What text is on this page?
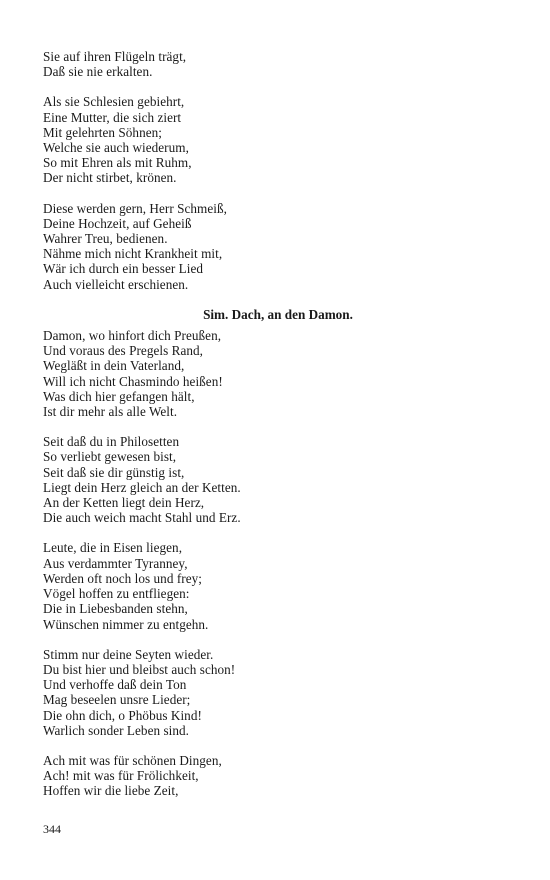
Sie auf ihren Flügeln trägt,
Daß sie nie erkalten.
Als sie Schlesien gebiehrt,
Eine Mutter, die sich ziert
Mit gelehrten Söhnen;
Welche sie auch wiederum,
So mit Ehren als mit Ruhm,
Der nicht stirbet, krönen.
Diese werden gern, Herr Schmeiß,
Deine Hochzeit, auf Geheiß
Wahrer Treu, bedienen.
Nähme mich nicht Krankheit mit,
Wär ich durch ein besser Lied
Auch vielleicht erschienen.
Sim. Dach, an den Damon.
Damon, wo hinfort dich Preußen,
Und voraus des Pregels Rand,
Wegläßt in dein Vaterland,
Will ich nicht Chasmindo heißen!
Was dich hier gefangen hält,
Ist dir mehr als alle Welt.
Seit daß du in Philosetten
So verliebt gewesen bist,
Seit daß sie dir günstig ist,
Liegt dein Herz gleich an der Ketten.
An der Ketten liegt dein Herz,
Die auch weich macht Stahl und Erz.
Leute, die in Eisen liegen,
Aus verdammter Tyranney,
Werden oft noch los und frey;
Vögel hoffen zu entfliegen:
Die in Liebesbanden stehn,
Wünschen nimmer zu entgehn.
Stimm nur deine Seyten wieder.
Du bist hier und bleibst auch schon!
Und verhoffe daß dein Ton
Mag beseelen unsre Lieder;
Die ohn dich, o Phöbus Kind!
Warlich sonder Leben sind.
Ach mit was für schönen Dingen,
Ach! mit was für Frölichkeit,
Hoffen wir die liebe Zeit,
344
